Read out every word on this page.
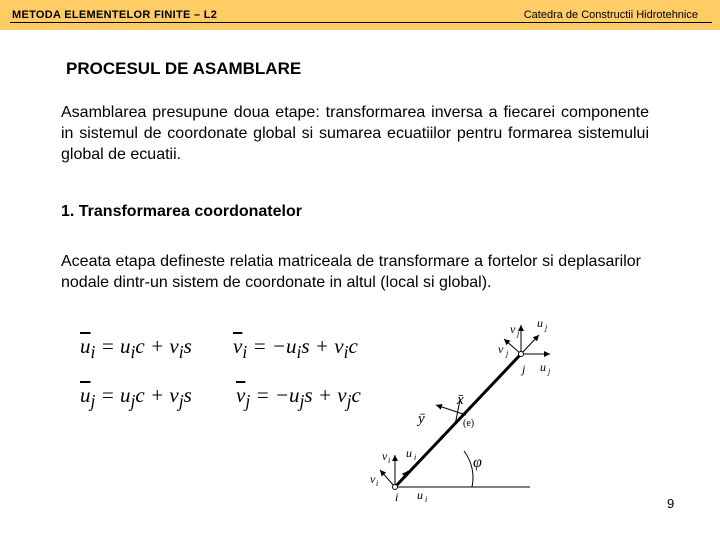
METODA ELEMENTELOR FINITE – L2	Catedra de Constructii Hidrotehnice
PROCESUL DE ASAMBLARE
Asamblarea presupune doua etape: transformarea inversa a fiecarei componente in sistemul de coordonate global si sumarea ecuatiilor pentru formarea sistemului global de ecuatii.
1. Transformarea coordonatelor
Aceata etapa defineste relatia matriceala de transformare a fortelor si deplasarilor nodale dintr-un sistem de coordonate in altul (local si global).
$\overline{u}_i = u_ic + v_is$ $\overline{v}_i = -u_is + v_ic$
$\overline{u}_j = u_jc + v_js$ $\overline{v}_j = -u_js + v_jc$
i
j
(e)
φ
x̄
ȳ
v i
v i
u i
u i
u j
v j
v j
u j
9
